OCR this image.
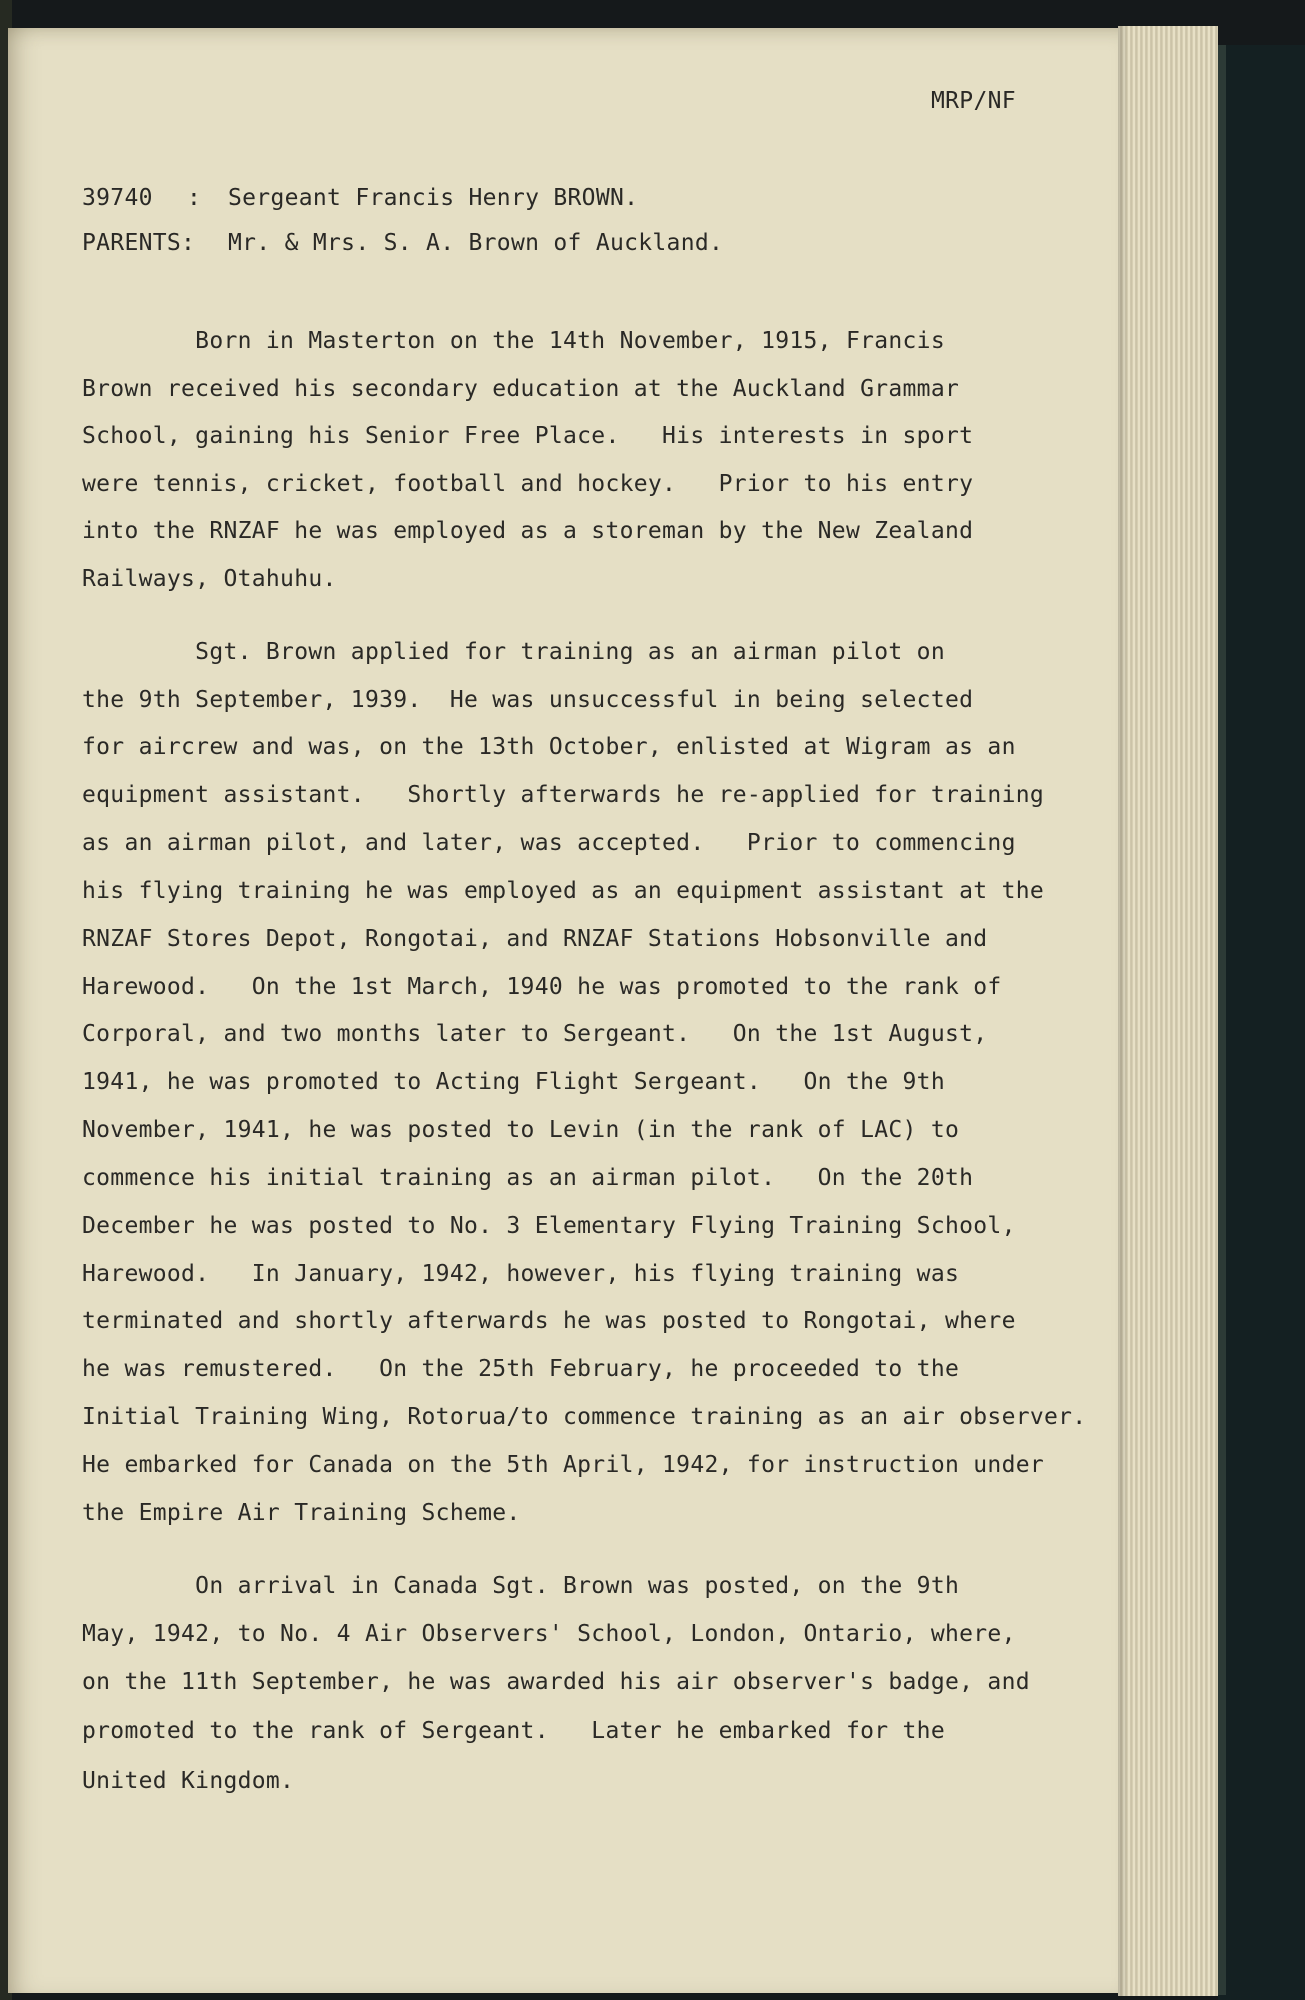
MRP/NF
39740 : Sergeant Francis Henry BROWN.
PARENTS: Mr. & Mrs. S. A. Brown of Auckland.
Born in Masterton on the 14th November, 1915, Francis
Brown received his secondary education at the Auckland Grammar
School, gaining his Senior Free Place.   His interests in sport
were tennis, cricket, football and hockey.   Prior to his entry
into the RNZAF he was employed as a storeman by the New Zealand
Railways, Otahuhu.
Sgt. Brown applied for training as an airman pilot on
the 9th September, 1939.  He was unsuccessful in being selected
for aircrew and was, on the 13th October, enlisted at Wigram as an
equipment assistant.   Shortly afterwards he re-applied for training
as an airman pilot, and later, was accepted.   Prior to commencing
his flying training he was employed as an equipment assistant at the
RNZAF Stores Depot, Rongotai, and RNZAF Stations Hobsonville and
Harewood.   On the 1st March, 1940 he was promoted to the rank of
Corporal, and two months later to Sergeant.   On the 1st August,
1941, he was promoted to Acting Flight Sergeant.   On the 9th
November, 1941, he was posted to Levin (in the rank of LAC) to
commence his initial training as an airman pilot.   On the 20th
December he was posted to No. 3 Elementary Flying Training School,
Harewood.   In January, 1942, however, his flying training was
terminated and shortly afterwards he was posted to Rongotai, where
he was remustered.   On the 25th February, he proceeded to the
Initial Training Wing, Rotorua/to commence training as an air observer.
He embarked for Canada on the 5th April, 1942, for instruction under
the Empire Air Training Scheme.
On arrival in Canada Sgt. Brown was posted, on the 9th
May, 1942, to No. 4 Air Observers' School, London, Ontario, where,
on the 11th September, he was awarded his air observer's badge, and
promoted to the rank of Sergeant.   Later he embarked for the
United Kingdom.
